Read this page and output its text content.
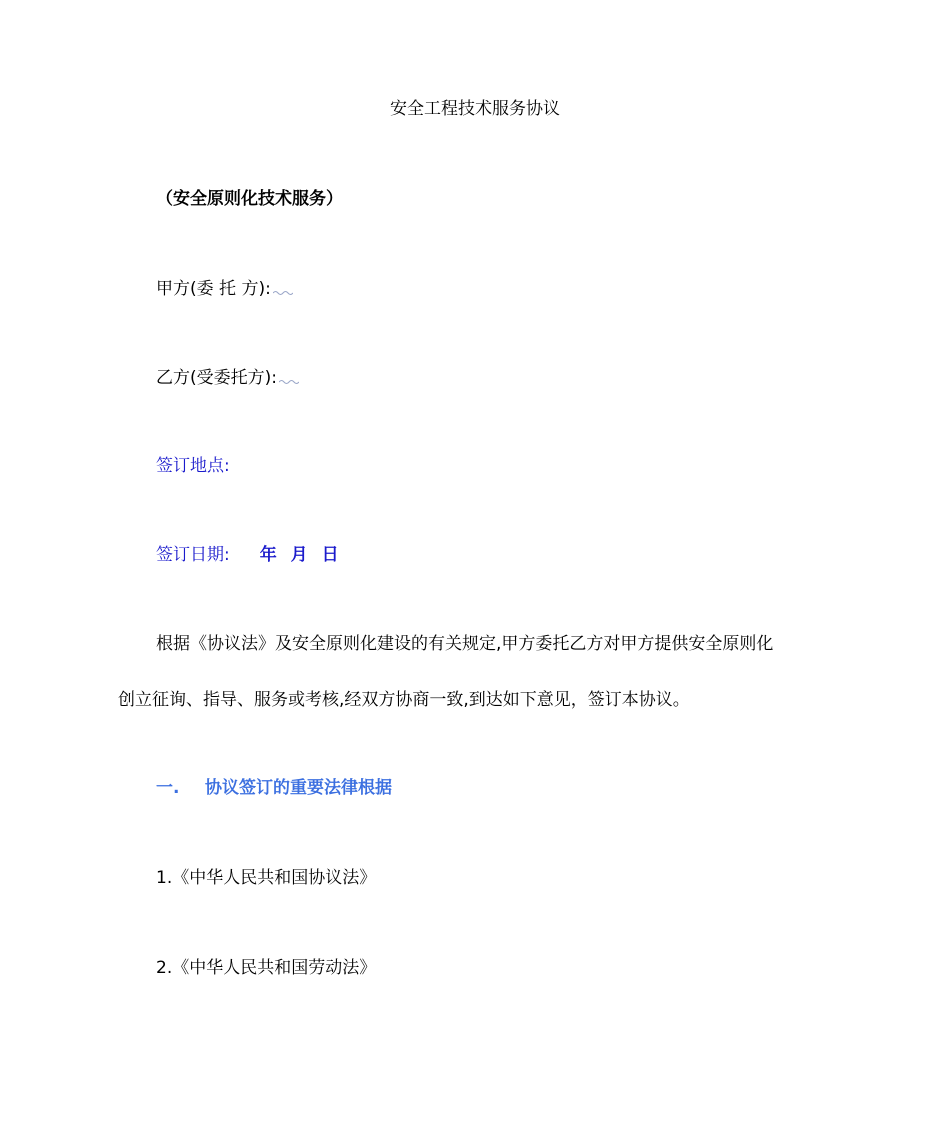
安全工程技术服务协议
（安全原则化技术服务）
甲方(委 托 方):
乙方(受委托方):
签订地点:
签订日期: 年 月 日
根据《协议法》及安全原则化建设的有关规定,甲方委托乙方对甲方提供安全原则化
创立征询、指导、服务或考核,经双方协商一致,到达如下意见，签订本协议。
一. 协议签订的重要法律根据
1.《中华人民共和国协议法》
2.《中华人民共和国劳动法》
